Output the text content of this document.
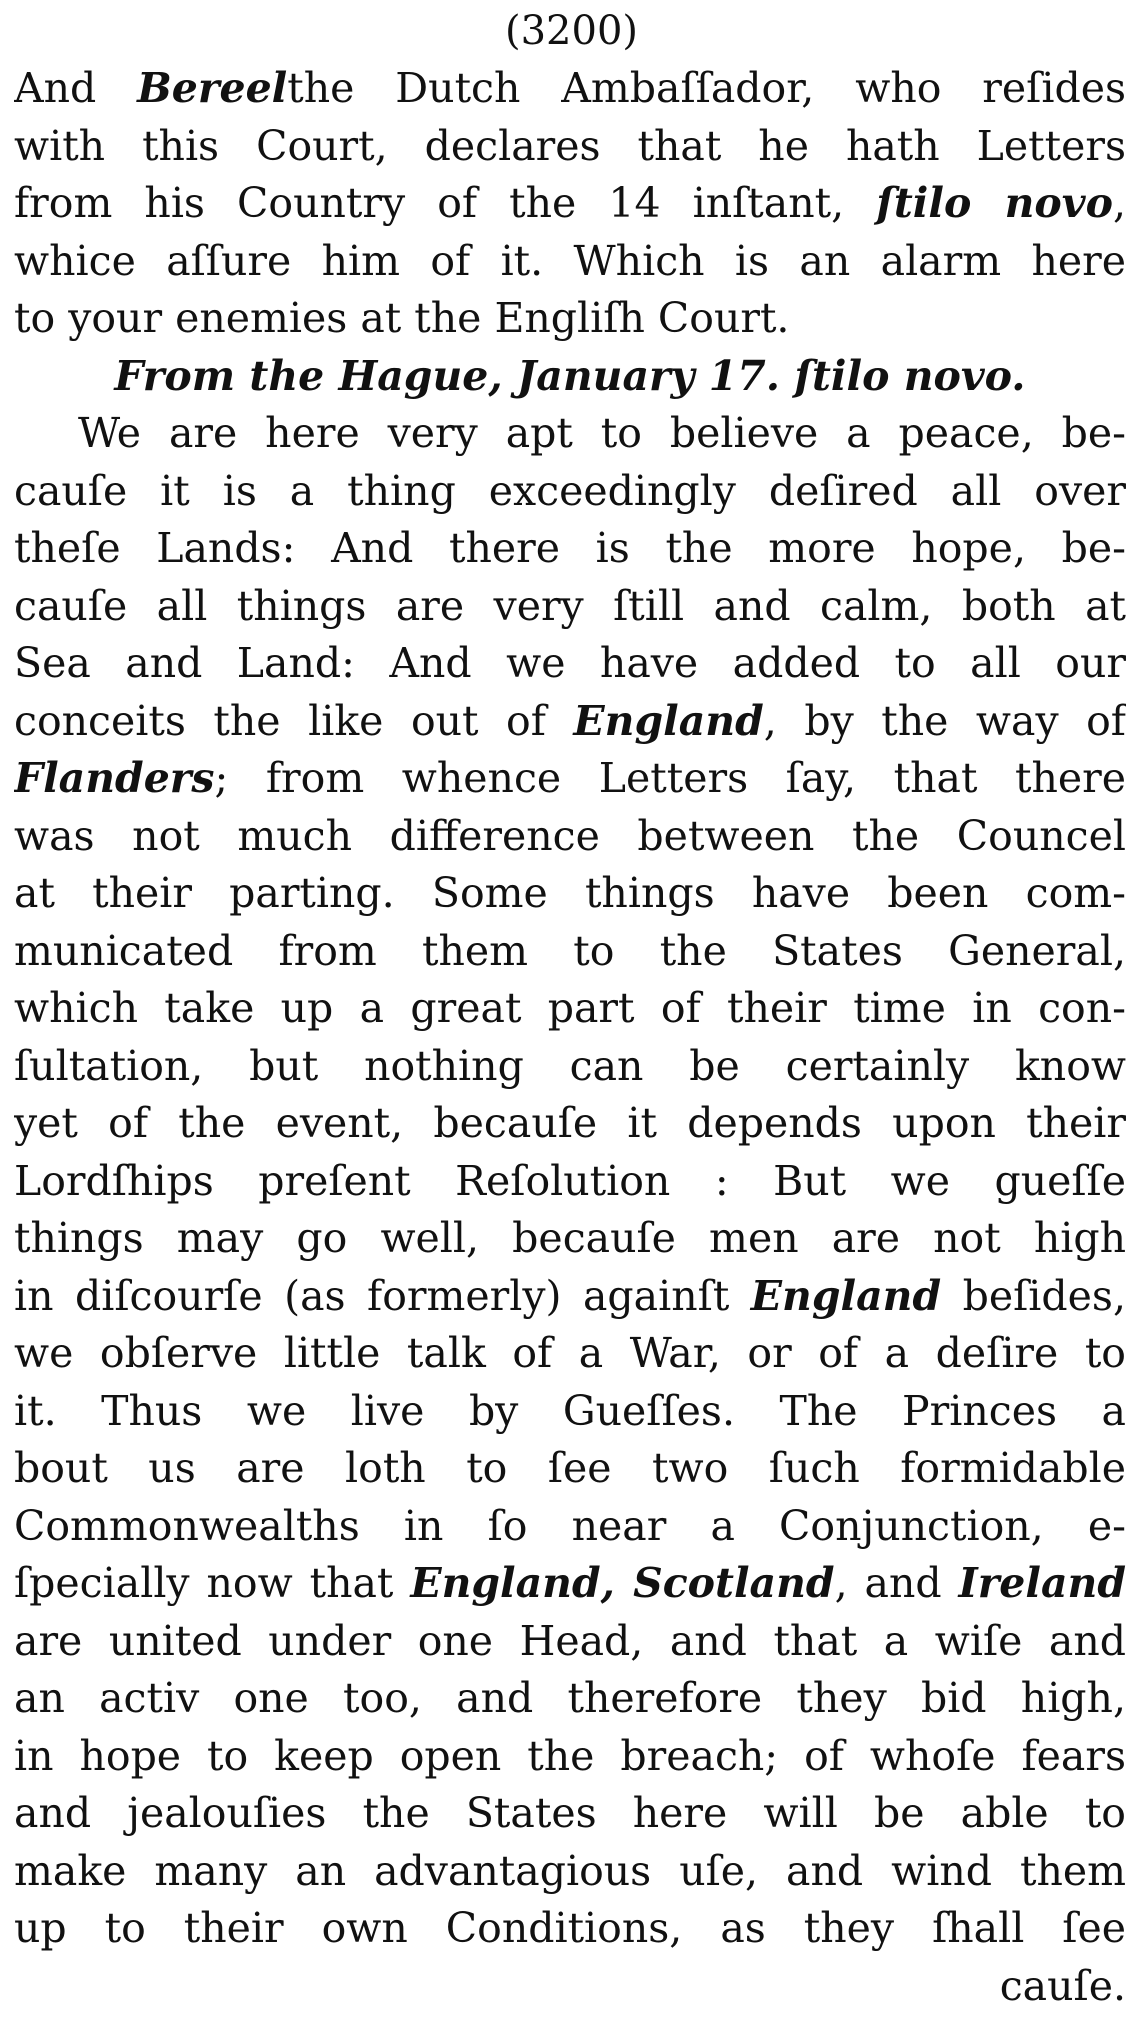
(3200)
And Bereelthe Dutch Ambaſſador, who reſides
with this Court, declares that he hath Letters
from his Country of the 14 inſtant, ſtilo novo,
whice aſſure him of it. Which is an alarm here
to your enemies at the Engliſh Court.
From the Hague, January 17. ſtilo novo.
We are here very apt to believe a peace, be-
cauſe it is a thing exceedingly deſired all over
theſe Lands: And there is the more hope, be-
cauſe all things are very ſtill and calm, both at
Sea and Land: And we have added to all our
conceits the like out of England, by the way of
Flanders; from whence Letters ſay, that there
was not much difference between the Councel
at their parting. Some things have been com-
municated from them to the States General,
which take up a great part of their time in con-
ſultation, but nothing can be certainly know
yet of the event, becauſe it depends upon their
Lordſhips preſent Reſolution : But we gueſſe
things may go well, becauſe men are not high
in diſcourſe (as formerly) againſt England beſides,
we obſerve little talk of a War, or of a deſire to
it. Thus we live by Gueſſes. The Princes a
bout us are loth to ſee two ſuch formidable
Commonwealths in ſo near a Conjunction, e-
ſpecially now that England, Scotland, and Ireland
are united under one Head, and that a wiſe and
an activ one too, and therefore they bid high,
in hope to keep open the breach; of whoſe fears
and jealouſies the States here will be able to
make many an advantagious uſe, and wind them
up to their own Conditions, as they ſhall ſee
cauſe.
